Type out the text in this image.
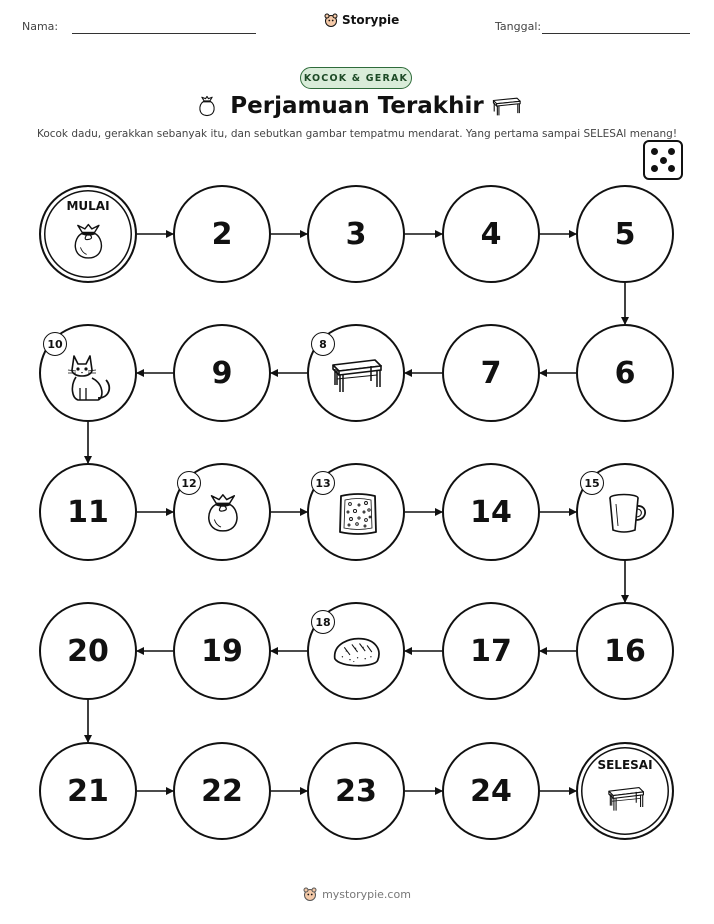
Nama:	Storypie	Tanggal:
KOCOK & GERAK
Perjamuan Terakhir
Kocok dadu, gerakkan sebanyak itu, dan sebutkan gambar tempatmu mendarat. Yang pertama sampai SELESAI menang!
MULAI
2	3	4	5
6
7
8
9
10
11
12	13
14
15
16
17
18
19
20
21	22	23	24
SELESAI
mystorypie.com
